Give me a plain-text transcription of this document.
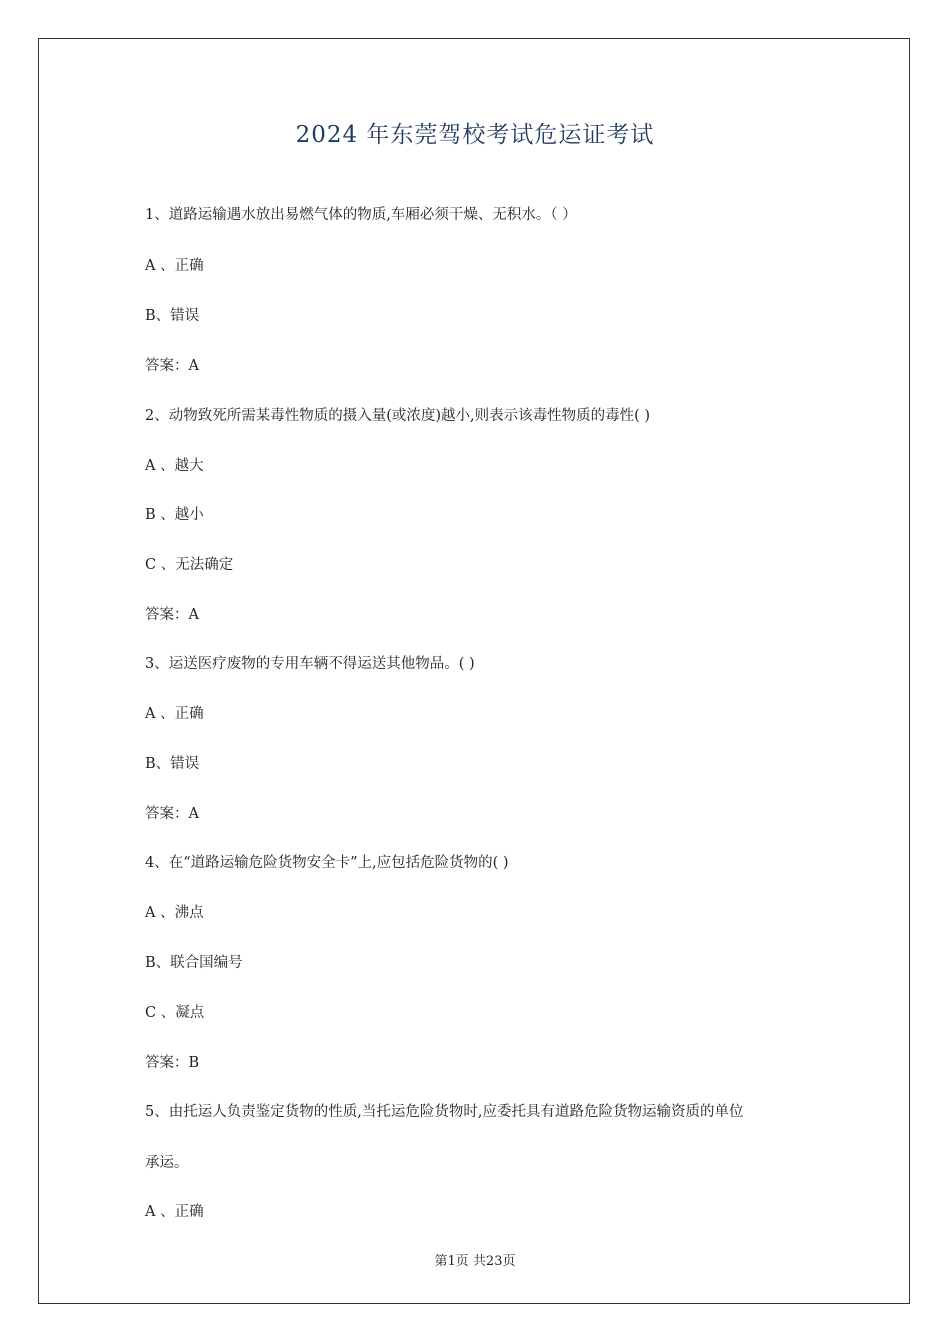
2024 年东莞驾校考试危运证考试
1、道路运输遇水放出易燃气体的物质,车厢必须干燥、无积水。（ ）
A 、正确
B、错误
答案：A
2、动物致死所需某毒性物质的摄入量(或浓度)越小,则表示该毒性物质的毒性( )
A 、越大
B 、越小
C 、无法确定
答案：A
3、运送医疗废物的专用车辆不得运送其他物品。( )
A 、正确
B、错误
答案：A
4、在“道路运输危险货物安全卡”上,应包括危险货物的( )
A 、沸点
B、联合国编号
C 、凝点
答案：B
5、由托运人负责鉴定货物的性质,当托运危险货物时,应委托具有道路危险货物运输资质的单位
承运。
A 、正确
第1页 共23页
